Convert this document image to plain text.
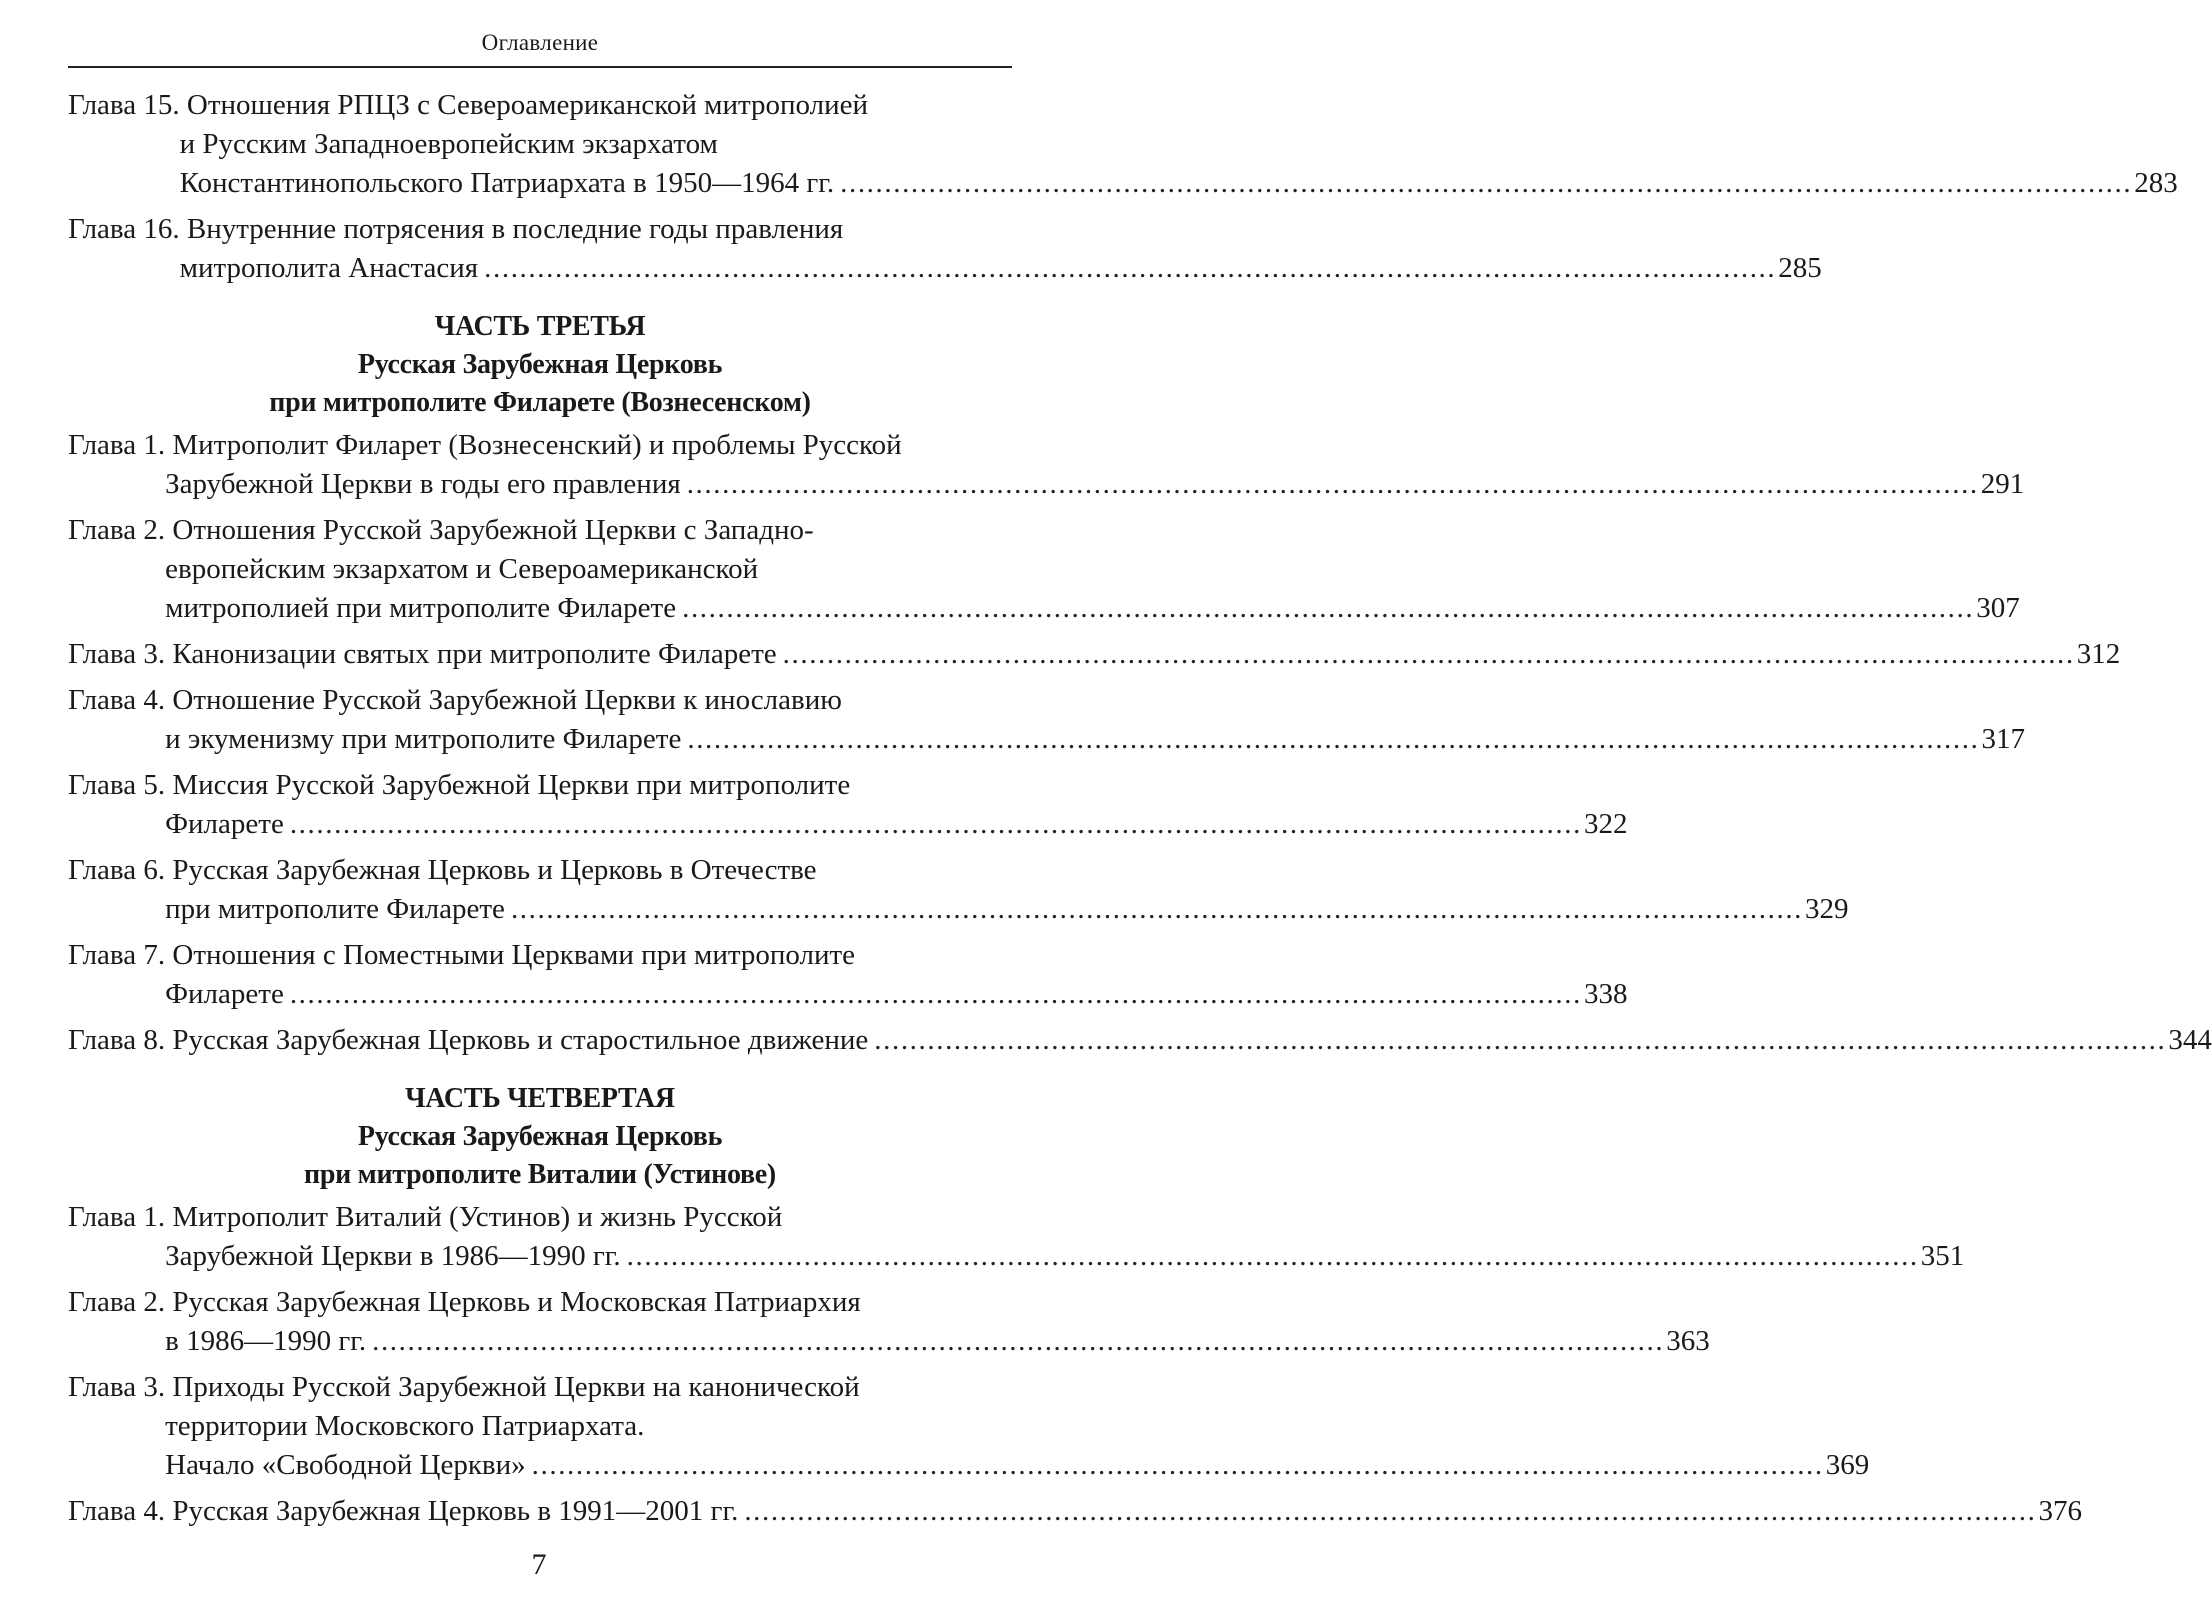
Оглавление
Глава 15. Отношения РПЦЗ с Североамериканской митрополией
и Русским Западноевропейским экзархатом
Константинопольского Патриархата в 1950—1964 гг. .................................................................................................................................................. 283
Глава 16. Внутренние потрясения в последние годы правления
митрополита Анастасия .................................................................................................................................................. 285
ЧАСТЬ ТРЕТЬЯ
Русская Зарубежная Церковь
при митрополите Филарете (Вознесенском)
Глава 1. Митрополит Филарет (Вознесенский) и проблемы Русской
Зарубежной Церкви в годы его правления .................................................................................................................................................. 291
Глава 2. Отношения Русской Зарубежной Церкви с Западно-
европейским экзархатом и Североамериканской
митрополией при митрополите Филарете .................................................................................................................................................. 307
Глава 3. Канонизации святых при митрополите Филарете .................................................................................................................................................. 312
Глава 4. Отношение Русской Зарубежной Церкви к инославию
и экуменизму при митрополите Филарете .................................................................................................................................................. 317
Глава 5. Миссия Русской Зарубежной Церкви при митрополите
Филарете .................................................................................................................................................. 322
Глава 6. Русская Зарубежная Церковь и Церковь в Отечестве
при митрополите Филарете .................................................................................................................................................. 329
Глава 7. Отношения с Поместными Церквами при митрополите
Филарете .................................................................................................................................................. 338
Глава 8. Русская Зарубежная Церковь и старостильное движение .................................................................................................................................................. 344
ЧАСТЬ ЧЕТВЕРТАЯ
Русская Зарубежная Церковь
при митрополите Виталии (Устинове)
Глава 1. Митрополит Виталий (Устинов) и жизнь Русской
Зарубежной Церкви в 1986—1990 гг. .................................................................................................................................................. 351
Глава 2. Русская Зарубежная Церковь и Московская Патриархия
в 1986—1990 гг. .................................................................................................................................................. 363
Глава 3. Приходы Русской Зарубежной Церкви на канонической
территории Московского Патриархата.
Начало «Свободной Церкви» .................................................................................................................................................. 369
Глава 4. Русская Зарубежная Церковь в 1991—2001 гг. .................................................................................................................................................. 376
7
